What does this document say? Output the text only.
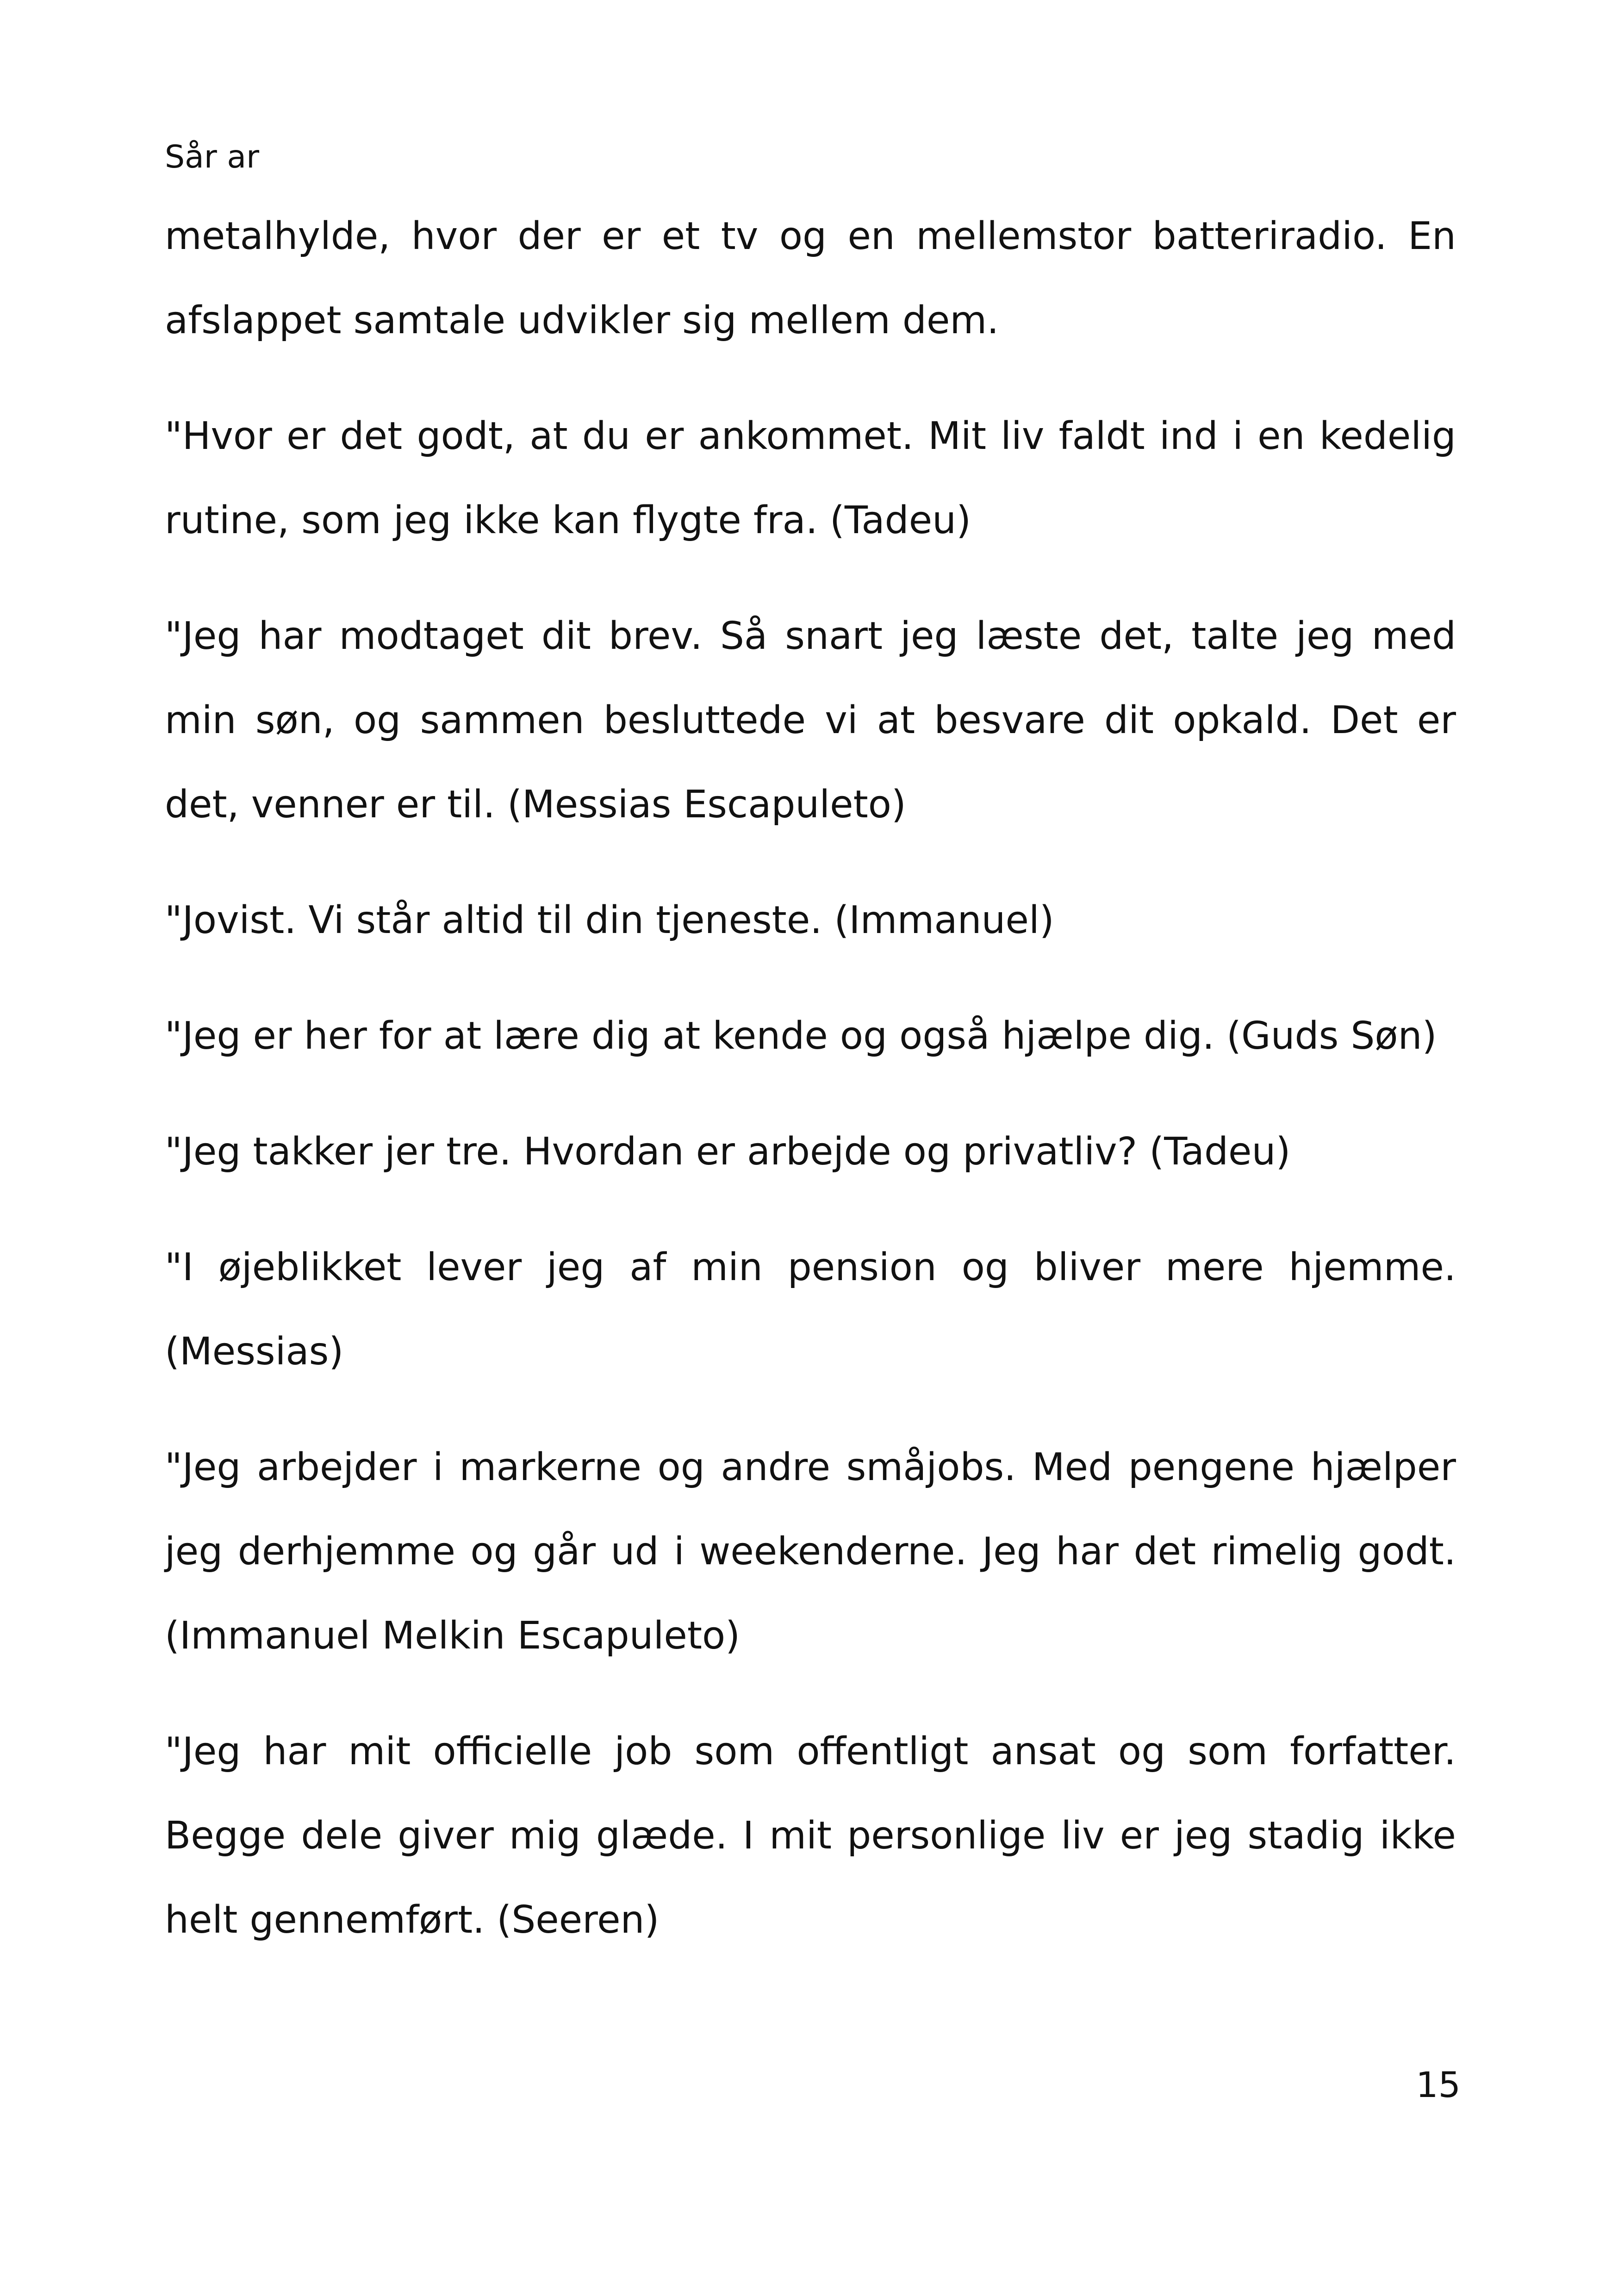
Sår ar

metalhylde, hvor der er et tv og en mellemstor batteriradio. En afslappet samtale udvikler sig mellem dem.

"Hvor er det godt, at du er ankommet. Mit liv faldt ind i en kedelig rutine, som jeg ikke kan flygte fra. (Tadeu)

"Jeg har modtaget dit brev. Så snart jeg læste det, talte jeg med min søn, og sammen besluttede vi at besvare dit opkald. Det er det, venner er til. (Messias Escapuleto)

"Jovist. Vi står altid til din tjeneste. (Immanuel)

"Jeg er her for at lære dig at kende og også hjælpe dig. (Guds Søn)

"Jeg takker jer tre. Hvordan er arbejde og privatliv? (Tadeu)

"I øjeblikket lever jeg af min pension og bliver mere hjemme. (Messias)

"Jeg arbejder i markerne og andre småjobs. Med pengene hjælper jeg derhjemme og går ud i weekenderne. Jeg har det rimelig godt. (Immanuel Melkin Escapuleto)

"Jeg har mit officielle job som offentligt ansat og som forfatter. Begge dele giver mig glæde. I mit personlige liv er jeg stadig ikke helt gennemført. (Seeren)

15
